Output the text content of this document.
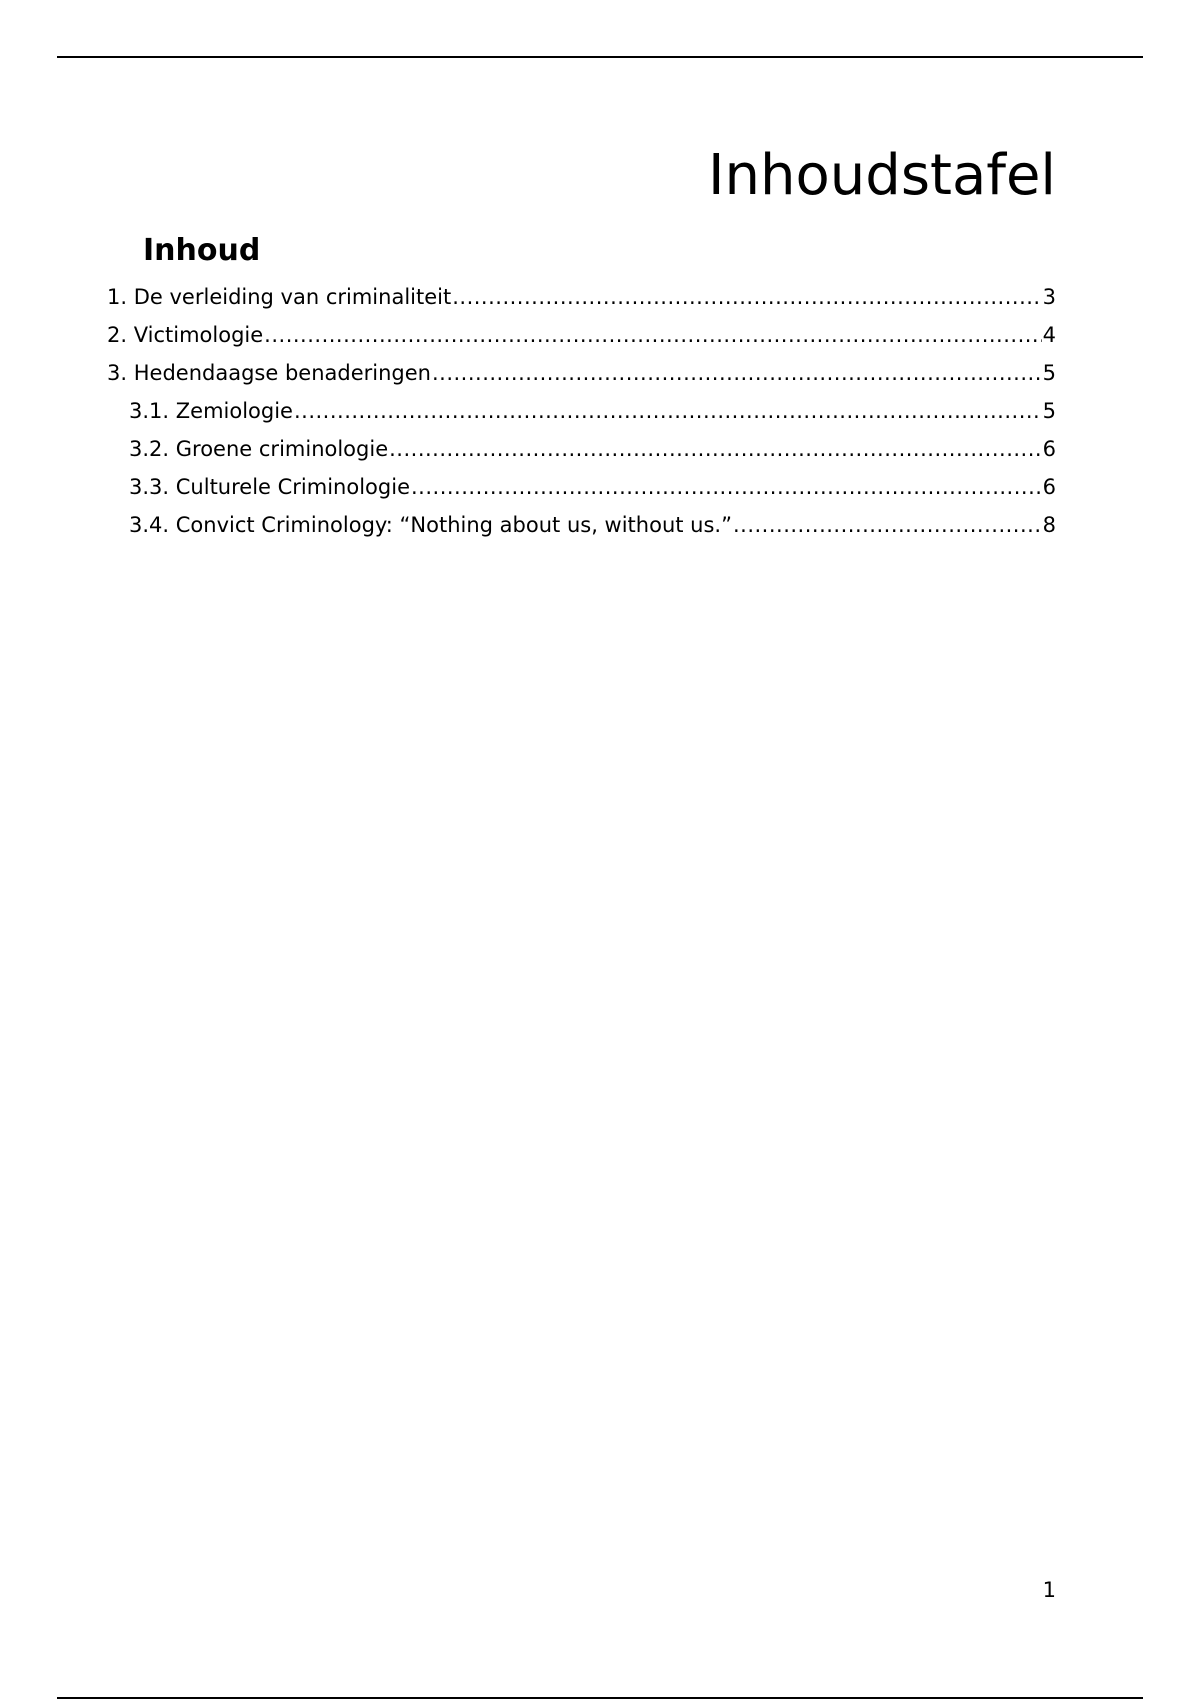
Inhoudstafel
Inhoud
1. De verleiding van criminaliteit .....	3
2. Victimologie .....	4
3. Hedendaagse benaderingen .....	5
3.1. Zemiologie .....	5
3.2. Groene criminologie .....	6
3.3. Culturele Criminologie .....	6
3.4. Convict Criminology: “Nothing about us, without us.” .....	8

1
